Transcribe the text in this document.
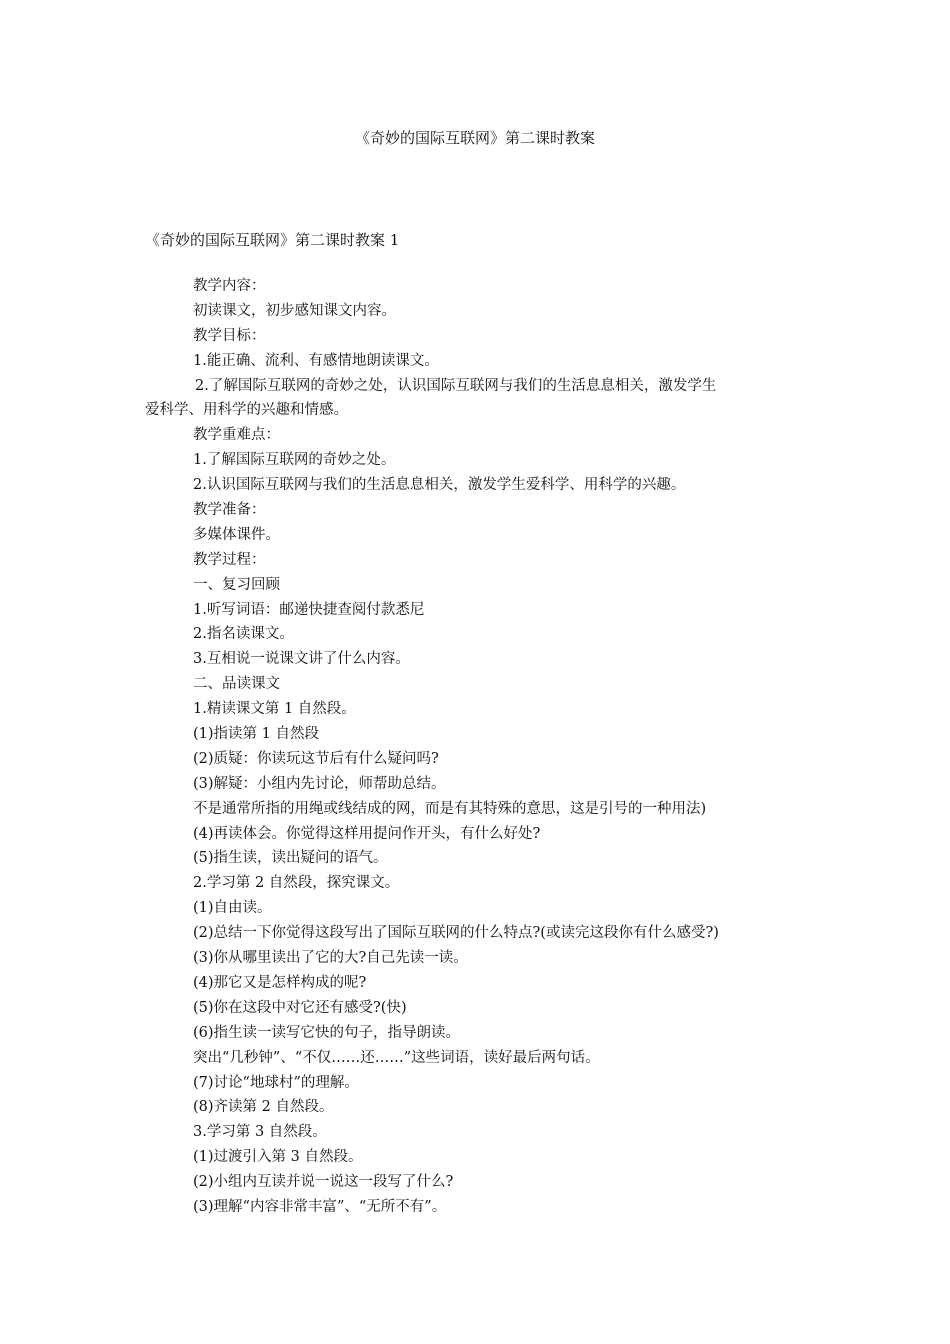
《奇妙的国际互联网》第二课时教案
《奇妙的国际互联网》第二课时教案 1
教学内容：
初读课文，初步感知课文内容。
教学目标：
1.能正确、流利、有感情地朗读课文。
2.了解国际互联网的奇妙之处，认识国际互联网与我们的生活息息相关，激发学生
爱科学、用科学的兴趣和情感。
教学重难点：
1.了解国际互联网的奇妙之处。
2.认识国际互联网与我们的生活息息相关，激发学生爱科学、用科学的兴趣。
教学准备：
多媒体课件。
教学过程：
一、复习回顾
1.听写词语：邮递快捷查阅付款悉尼
2.指名读课文。
3.互相说一说课文讲了什么内容。
二、品读课文
1.精读课文第 1 自然段。
(1)指读第 1 自然段
(2)质疑：你读玩这节后有什么疑问吗?
(3)解疑：小组内先讨论，师帮助总结。
不是通常所指的用绳或线结成的网，而是有其特殊的意思，这是引号的一种用法)
(4)再读体会。你觉得这样用提问作开头，有什么好处?
(5)指生读，读出疑问的语气。
2.学习第 2 自然段，探究课文。
(1)自由读。
(2)总结一下你觉得这段写出了国际互联网的什么特点?(或读完这段你有什么感受?)
(3)你从哪里读出了它的大?自己先读一读。
(4)那它又是怎样构成的呢?
(5)你在这段中对它还有感受?(快)
(6)指生读一读写它快的句子，指导朗读。
突出“几秒钟”、“不仅……还……”这些词语，读好最后两句话。
(7)讨论“地球村”的理解。
(8)齐读第 2 自然段。
3.学习第 3 自然段。
(1)过渡引入第 3 自然段。
(2)小组内互读并说一说这一段写了什么?
(3)理解“内容非常丰富”、“无所不有”。
